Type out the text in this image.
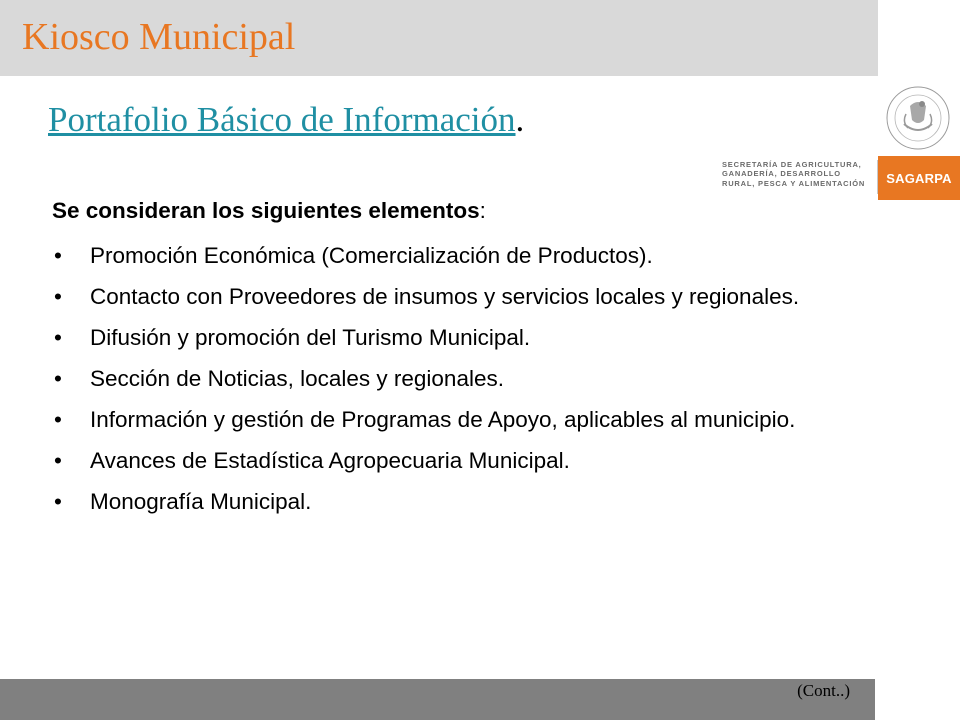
Kiosco Municipal
SECRETARÍA DE AGRICULTURA, GANADERÍA, DESARROLLO RURAL, PESCA Y ALIMENTACIÓN	SAGARPA
Portafolio Básico de Información.
Se consideran los siguientes elementos:
• Promoción Económica (Comercialización de Productos).
• Contacto con Proveedores de insumos y servicios locales y regionales.
• Difusión y promoción del Turismo Municipal.
• Sección de Noticias, locales y regionales.
• Información y gestión de Programas de Apoyo, aplicables al municipio.
• Avances de Estadística Agropecuaria Municipal.
• Monografía Municipal.
(Cont..)
